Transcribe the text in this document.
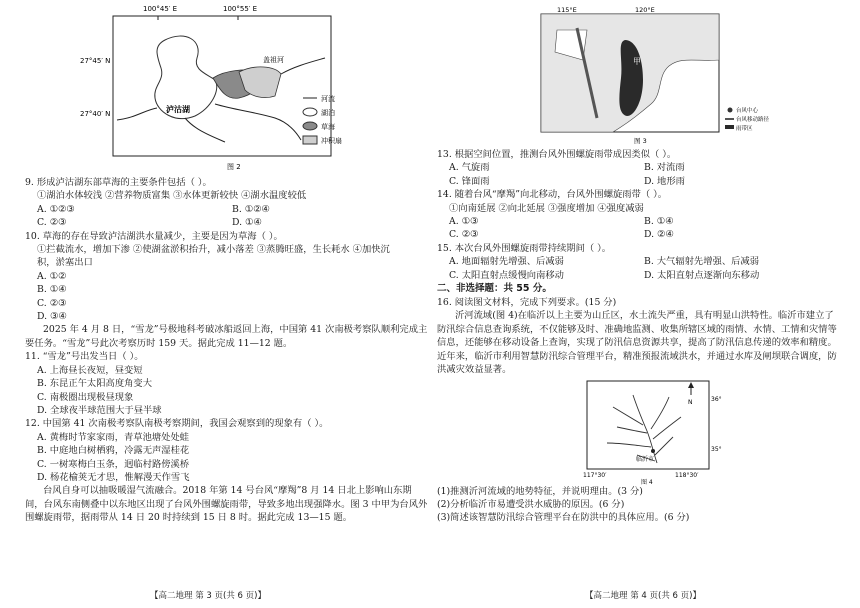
100°45′ E	100°55′ E
27°45′ N
27°40′ N
盖祖河
泸沽湖
河流
湖泊
草海
冲积扇
图 2
9. 形成泸沽湖东部草海的主要条件包括（ ）。
①湖泊水体较浅 ②营养物质富集 ③水体更新较快 ④湖水温度较低
A. ①②③	B. ①②④
C. ②③	D. ①④
10. 草海的存在导致泸沽湖洪水量减少，主要是因为草海（ ）。
①拦截流水，增加下渗 ②使湖盆淤积抬升，减小落差 ③蒸腾旺盛，生长耗水 ④加快沉
积，淤塞出口
A. ①②
B. ①④
C. ②③
D. ③④

2025 年 4 月 8 日，“雪龙”号极地科考破冰船返回上海，中国第 41 次南极考察队顺利完成主要任务。“雪龙”号此次考察历时 159 天。据此完成 11—12 题。

11. “雪龙”号出发当日（ ）。
A. 上海昼长夜短，昼变短
B. 东昆正午太阳高度角变大
C. 南极圈出现极昼现象
D. 全球夜半球范围大于昼半球
12. 中国第 41 次南极考察队南极考察期间，我国会观察到的现象有（ ）。
A. 黄梅时节家家雨，青草池塘处处蛙
B. 中庭地白树栖鸦，冷露无声湿桂花
C. 一树寒梅白玉条，迥临村路傍溪桥
D. 杨花榆荚无才思，惟解漫天作雪飞

台风自身可以抽吸暖湿气流融合。2018 年第 14 号台风“摩羯”8 月 14 日北上影响山东期间，台风东南侧叠中以东地区出现了台风外围螺旋雨带，导致多地出现强降水。图 3 中甲为台风外围螺旋雨带，据雨带从 14 日 20 时持续到 15 日 8 时。据此完成 13—15 题。

【高二地理 第 3 页(共 6 页)】
115°E	120°E
甲
台风中心
台风移动路径
雨带区
图 3
13. 根据空间位置，推测台风外围螺旋雨带成因类似（ ）。
A. 气旋雨	B. 对流雨
C. 锋面雨	D. 地形雨
14. 随着台风“摩羯”向北移动，台风外围螺旋雨带（ ）。
①向南延展 ②向北延展 ③强度增加 ④强度减弱
A. ①③	B. ①④
C. ②③	D. ②④
15. 本次台风外围螺旋雨带持续期间（ ）。
A. 地面辐射先增强、后减弱	B. 大气辐射先增强、后减弱
C. 太阳直射点缓慢向南移动	D. 太阳直射点逐渐向东移动
二、非选择题：共 55 分。
16. 阅读图文材料，完成下列要求。(15 分)

沂河流域(图 4)在临沂以上主要为山丘区，水土流失严重，具有明显山洪特性。临沂市建立了防汛综合信息查询系统，不仅能够及时、准确地监测、收集所辖区域的雨情、水情、工情和灾情等信息，还能够在移动设备上查询，实现了防汛信息资源共享，提高了防汛信息传递的效率和精度。近年来，临沂市利用智慧防汛综合管理平台，精准预报流域洪水，并通过水库及闸坝联合调度，防洪减灾效益显著。

N
临沂市
36°
35°
117°30′	118°30′
图 4
(1)推测沂河流域的地势特征，并说明理由。(3 分)
(2)分析临沂市易遭受洪水威胁的原因。(6 分)
(3)简述该智慧防汛综合管理平台在防洪中的具体应用。(6 分)
【高二地理 第 4 页(共 6 页)】
